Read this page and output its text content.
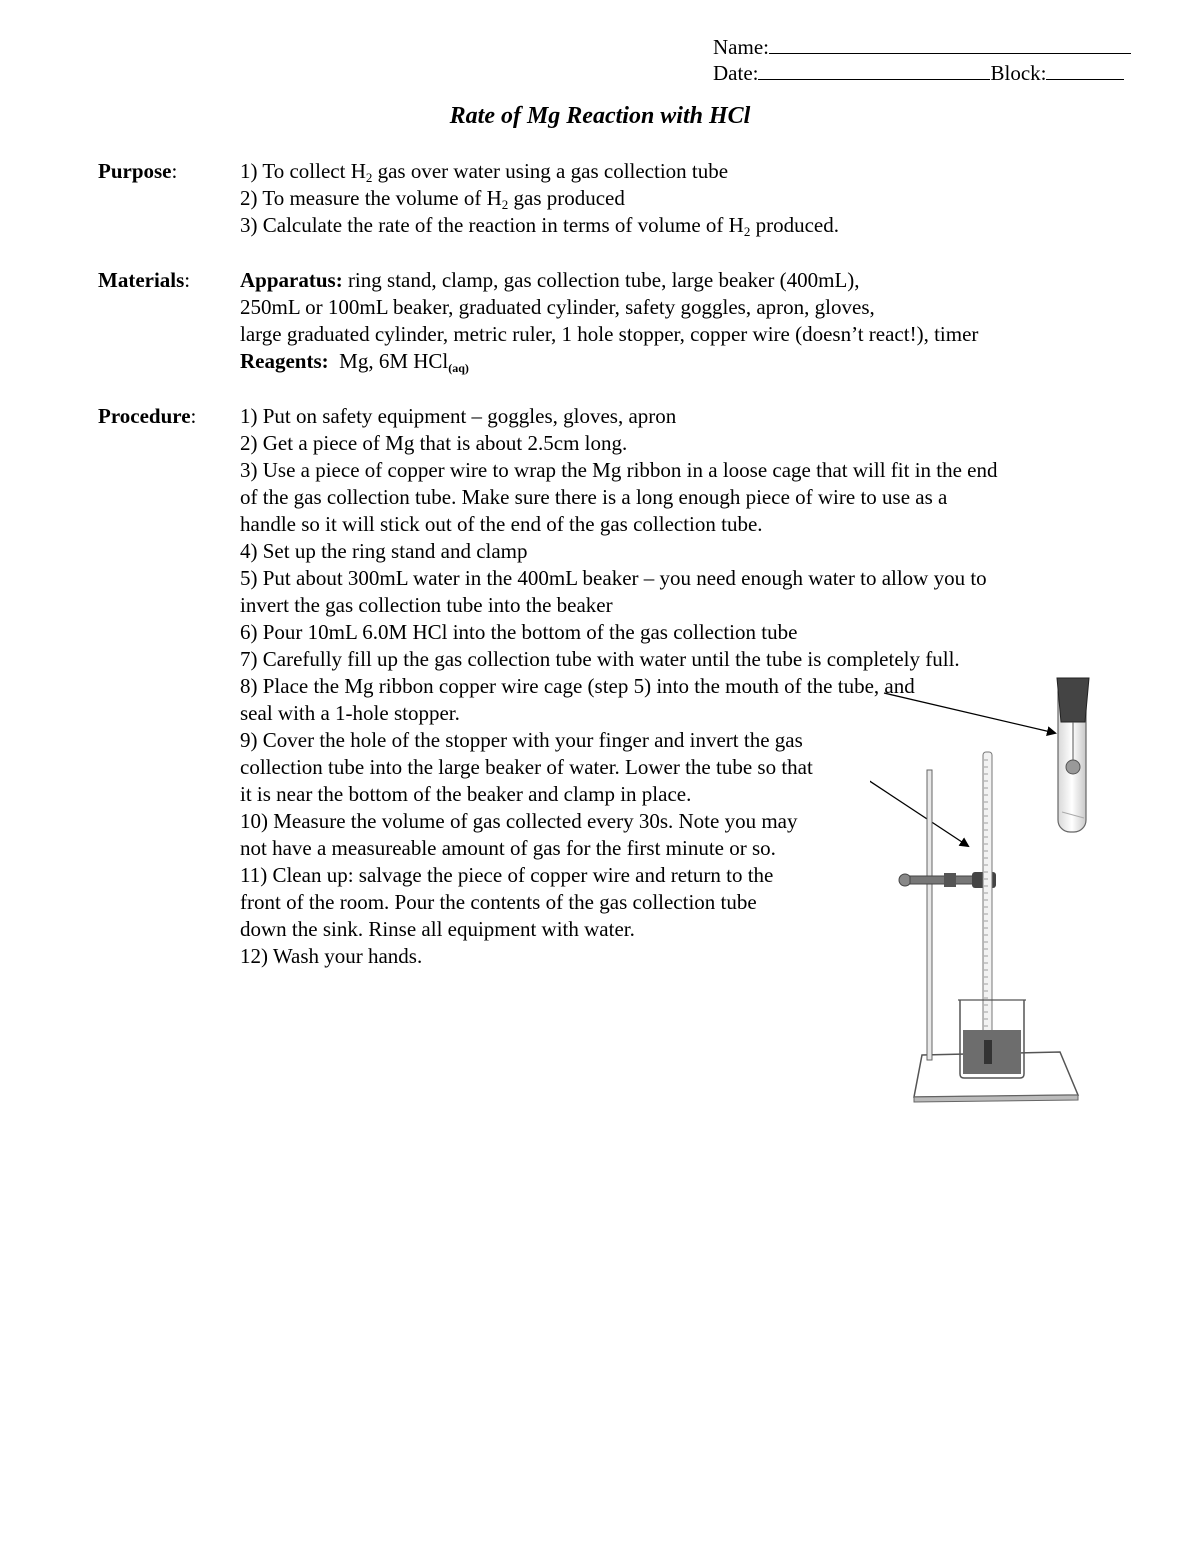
Name:
Date:	Block:
Rate of Mg Reaction with HCl
Purpose:	1) To collect $H_2$ gas over water using a gas collection tube
2) To measure the volume of $H_2$ gas produced
3) Calculate the rate of the reaction in terms of volume of $H_2$ produced.
Materials: Apparatus: ring stand, clamp, gas collection tube, large beaker (400mL),
250mL or 100mL beaker, graduated cylinder, safety goggles, apron, gloves,
large graduated cylinder, metric ruler, 1 hole stopper, copper wire (doesn’t react!), timer
Reagents:  Mg, 6M HCl$_{(aq)}$
Procedure: 1) Put on safety equipment – goggles, gloves, apron
2) Get a piece of Mg that is about 2.5cm long.
3) Use a piece of copper wire to wrap the Mg ribbon in a loose cage that will fit in the end
of the gas collection tube. Make sure there is a long enough piece of wire to use as a
handle so it will stick out of the end of the gas collection tube.
4) Set up the ring stand and clamp
5) Put about 300mL water in the 400mL beaker – you need enough water to allow you to
invert the gas collection tube into the beaker
6) Pour 10mL 6.0M HCl into the bottom of the gas collection tube
7) Carefully fill up the gas collection tube with water until the tube is completely full.
8) Place the Mg ribbon copper wire cage (step 5) into the mouth of the tube, and
seal with a 1-hole stopper.
9) Cover the hole of the stopper with your finger and invert the gas
collection tube into the large beaker of water. Lower the tube so that
it is near the bottom of the beaker and clamp in place.
10) Measure the volume of gas collected every 30s. Note you may
not have a measureable amount of gas for the first minute or so.
11) Clean up: salvage the piece of copper wire and return to the
front of the room. Pour the contents of the gas collection tube
down the sink. Rinse all equipment with water.
12) Wash your hands.
